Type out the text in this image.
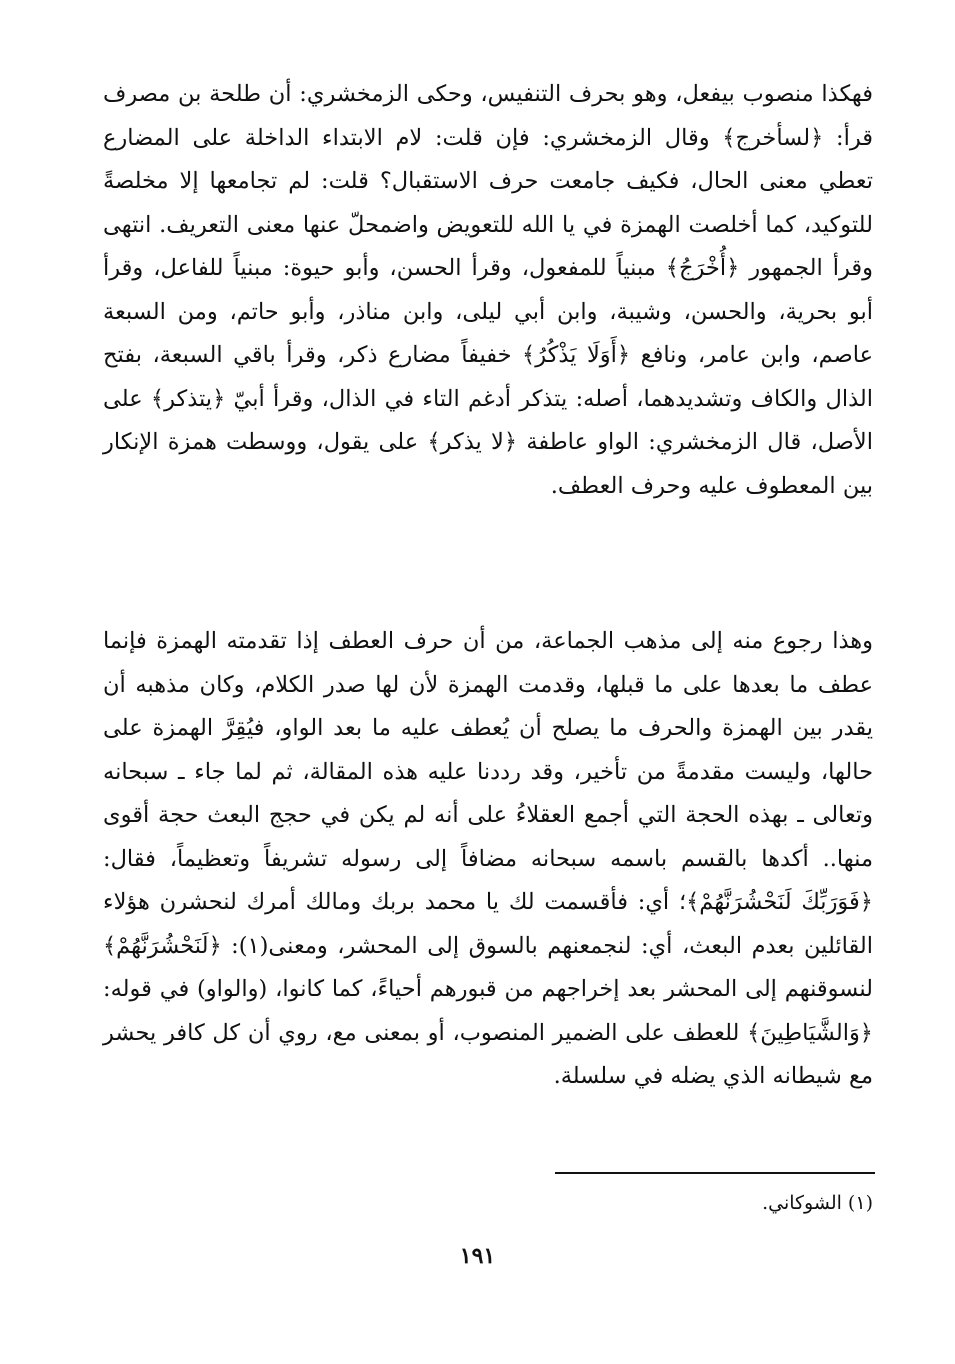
فهكذا منصوب بيفعل، وهو بحرف التنفيس، وحكى الزمخشري: أن طلحة بن مصرف قرأ: ﴿لسأخرج﴾ وقال الزمخشري: فإن قلت: لام الابتداء الداخلة على المضارع تعطي معنى الحال، فكيف جامعت حرف الاستقبال؟ قلت: لم تجامعها إلا مخلصةً للتوكيد، كما أخلصت الهمزة في يا الله للتعويض واضمحلّ عنها معنى التعريف. انتهى وقرأ الجمهور ﴿أُخْرَجُ﴾ مبنياً للمفعول، وقرأ الحسن، وأبو حيوة: مبنياً للفاعل، وقرأ أبو بحرية، والحسن، وشيبة، وابن أبي ليلى، وابن مناذر، وأبو حاتم، ومن السبعة عاصم، وابن عامر، ونافع ﴿أَوَلَا يَذْكُرُ﴾ خفيفاً مضارع ذكر، وقرأ باقي السبعة، بفتح الذال والكاف وتشديدهما، أصله: يتذكر أدغم التاء في الذال، وقرأ أبيّ ﴿يتذكر﴾ على الأصل، قال الزمخشري: الواو عاطفة ﴿لا يذكر﴾ على يقول، ووسطت همزة الإنكار بين المعطوف عليه وحرف العطف.

وهذا رجوع منه إلى مذهب الجماعة، من أن حرف العطف إذا تقدمته الهمزة فإنما عطف ما بعدها على ما قبلها، وقدمت الهمزة لأن لها صدر الكلام، وكان مذهبه أن يقدر بين الهمزة والحرف ما يصلح أن يُعطف عليه ما بعد الواو، فيُقِرَّ الهمزة على حالها، وليست مقدمةً من تأخير، وقد رددنا عليه هذه المقالة، ثم لما جاء ـ سبحانه وتعالى ـ بهذه الحجة التي أجمع العقلاءُ على أنه لم يكن في حجج البعث حجة أقوى منها.. أكدها بالقسم باسمه سبحانه مضافاً إلى رسوله تشريفاً وتعظيماً، فقال: ﴿فَوَرَبِّكَ لَنَحْشُرَنَّهُمْ﴾؛ أي: فأقسمت لك يا محمد بربك ومالك أمرك لنحشرن هؤلاء القائلين بعدم البعث، أي: لنجمعنهم بالسوق إلى المحشر، ومعنى(١): ﴿لَنَحْشُرَنَّهُمْ﴾ لنسوقنهم إلى المحشر بعد إخراجهم من قبورهم أحياءً، كما كانوا، (والواو) في قوله: ﴿وَالشَّيَاطِينَ﴾ للعطف على الضمير المنصوب، أو بمعنى مع، روي أن كل كافر يحشر مع شيطانه الذي يضله في سلسلة.

(١) الشوكاني.

١٩١
